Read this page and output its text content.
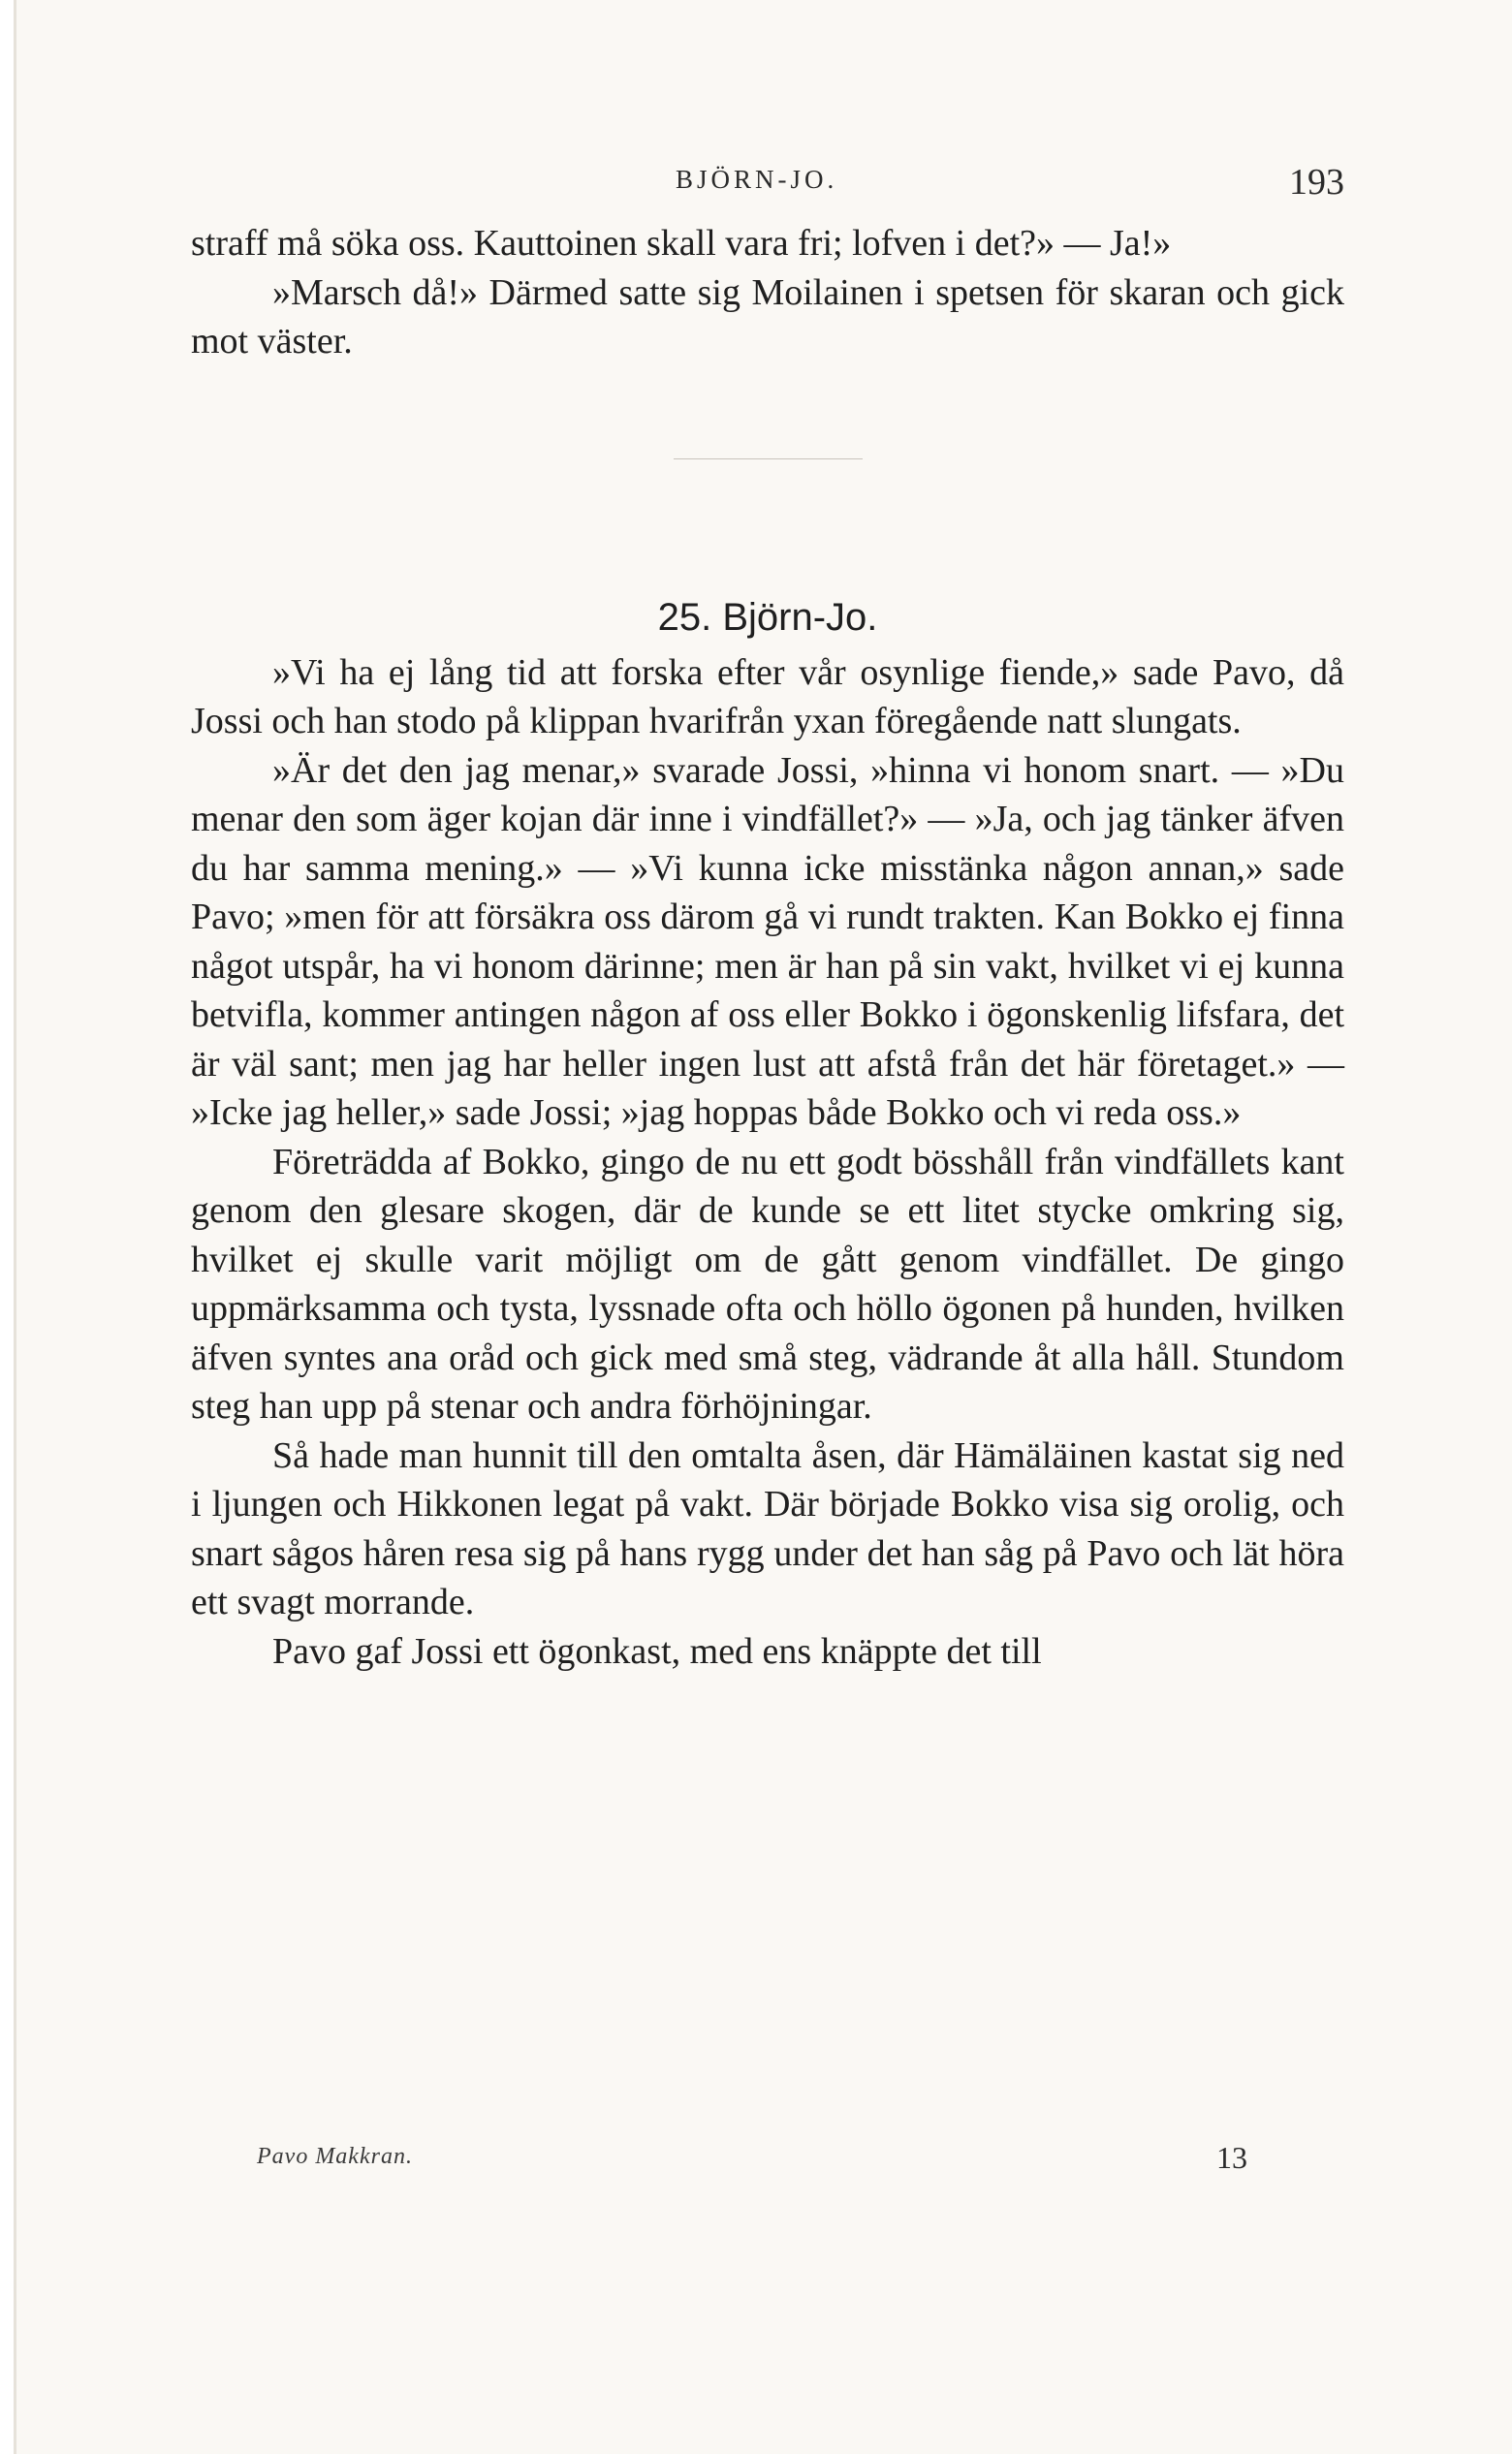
BJÖRN-JO.	193

straff må söka oss. Kauttoinen skall vara fri; lofven i det?» — Ja!»

»Marsch då!» Därmed satte sig Moilainen i spetsen för skaran och gick mot väster.

25. Björn-Jo.

»Vi ha ej lång tid att forska efter vår osynlige fiende,» sade Pavo, då Jossi och han stodo på klippan hvarifrån yxan föregående natt slungats.

»Är det den jag menar,» svarade Jossi, »hinna vi honom snart. — »Du menar den som äger kojan där inne i vindfället?» — »Ja, och jag tänker äfven du har samma mening.» — »Vi kunna icke misstänka någon annan,» sade Pavo; »men för att försäkra oss därom gå vi rundt trakten. Kan Bokko ej finna något utspår, ha vi honom därinne; men är han på sin vakt, hvilket vi ej kunna betvifla, kommer antingen någon af oss eller Bokko i ögonskenlig lifsfara, det är väl sant; men jag har heller ingen lust att afstå från det här företaget.» — »Icke jag heller,» sade Jossi; »jag hoppas både Bokko och vi reda oss.»

Företrädda af Bokko, gingo de nu ett godt bösshåll från vindfällets kant genom den glesare skogen, där de kunde se ett litet stycke omkring sig, hvilket ej skulle varit möjligt om de gått genom vindfället. De gingo uppmärksamma och tysta, lyssnade ofta och höllo ögonen på hunden, hvilken äfven syntes ana oråd och gick med små steg, vädrande åt alla håll. Stundom steg han upp på stenar och andra förhöjningar.

Så hade man hunnit till den omtalta åsen, där Hämäläinen kastat sig ned i ljungen och Hikkonen legat på vakt. Där började Bokko visa sig orolig, och snart sågos håren resa sig på hans rygg under det han såg på Pavo och lät höra ett svagt morrande.

Pavo gaf Jossi ett ögonkast, med ens knäppte det till

Pavo Makkran.	13
